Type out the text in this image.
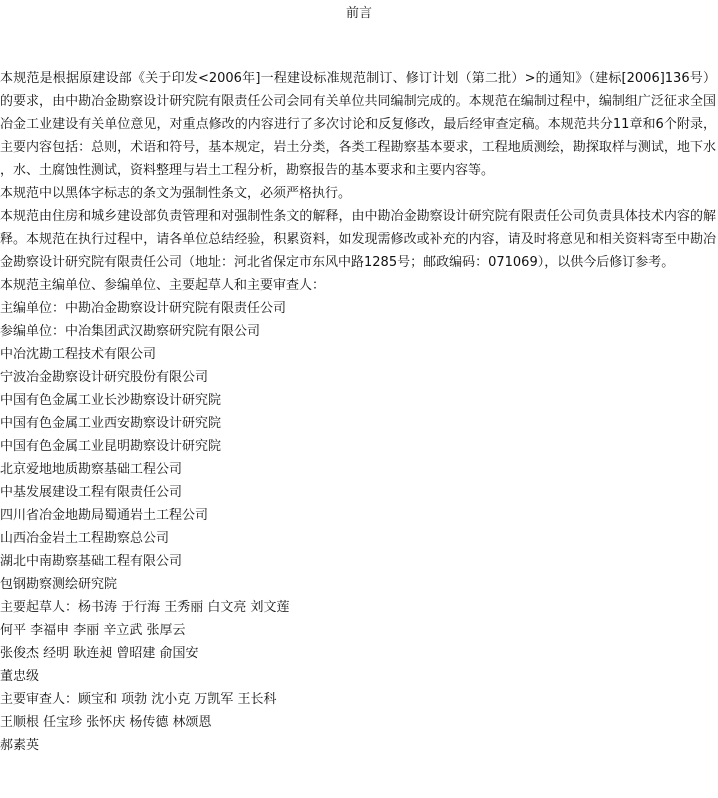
前言

本规范是根据原建设部《关于印发<2006年]一程建设标准规范制订、修订计划（第二批）>的通知》（建标[2006]136号）的要求，由中勘冶金勘察设计研究院有限责任公司会同有关单位共同编制完成的。本规范在编制过程中，编制组广泛征求全国冶金工业建设有关单位意见，对重点修改的内容进行了多次讨论和反复修改，最后经审查定稿。本规范共分11章和6个附录，主要内容包括：总则，术语和符号，基本规定，岩土分类，各类工程勘察基本要求，工程地质测绘，勘探取样与测试，地下水，水、土腐蚀性测试，资料整理与岩土工程分析，勘察报告的基本要求和主要内容等。

本规范中以黑体字标志的条文为强制性条文，必须严格执行。

本规范由住房和城乡建设部负责管理和对强制性条文的解释，由中勘冶金勘察设计研究院有限责任公司负责具体技术内容的解释。本规范在执行过程中，请各单位总结经验，积累资料，如发现需修改或补充的内容，请及时将意见和相关资料寄至中勘冶金勘察设计研究院有限责任公司（地址：河北省保定市东风中路1285号；邮政编码：071069），以供今后修订参考。

本规范主编单位、参编单位、主要起草人和主要审查人：

主编单位：中勘冶金勘察设计研究院有限责任公司

参编单位：中冶集团武汉勘察研究院有限公司

中冶沈勘工程技术有限公司

宁波冶金勘察设计研究股份有限公司

中国有色金属工业长沙勘察设计研究院

中国有色金属工业西安勘察设计研究院

中国有色金属工业昆明勘察设计研究院

北京爱地地质勘察基础工程公司

中基发展建设工程有限责任公司

四川省冶金地勘局蜀通岩土工程公司

山西冶金岩土工程勘察总公司

湖北中南勘察基础工程有限公司

包钢勘察测绘研究院

主要起草人：杨书涛 于行海 王秀丽 白文亮 刘文莲

何平 李福申 李丽 辛立武 张厚云

张俊杰 经明 耿连昶 曾昭建 俞国安

董忠级

主要审查人：顾宝和 项勃 沈小克 万凯军 王长科

王顺根 任宝珍 张怀庆 杨传德 林颂恩

郝素英
